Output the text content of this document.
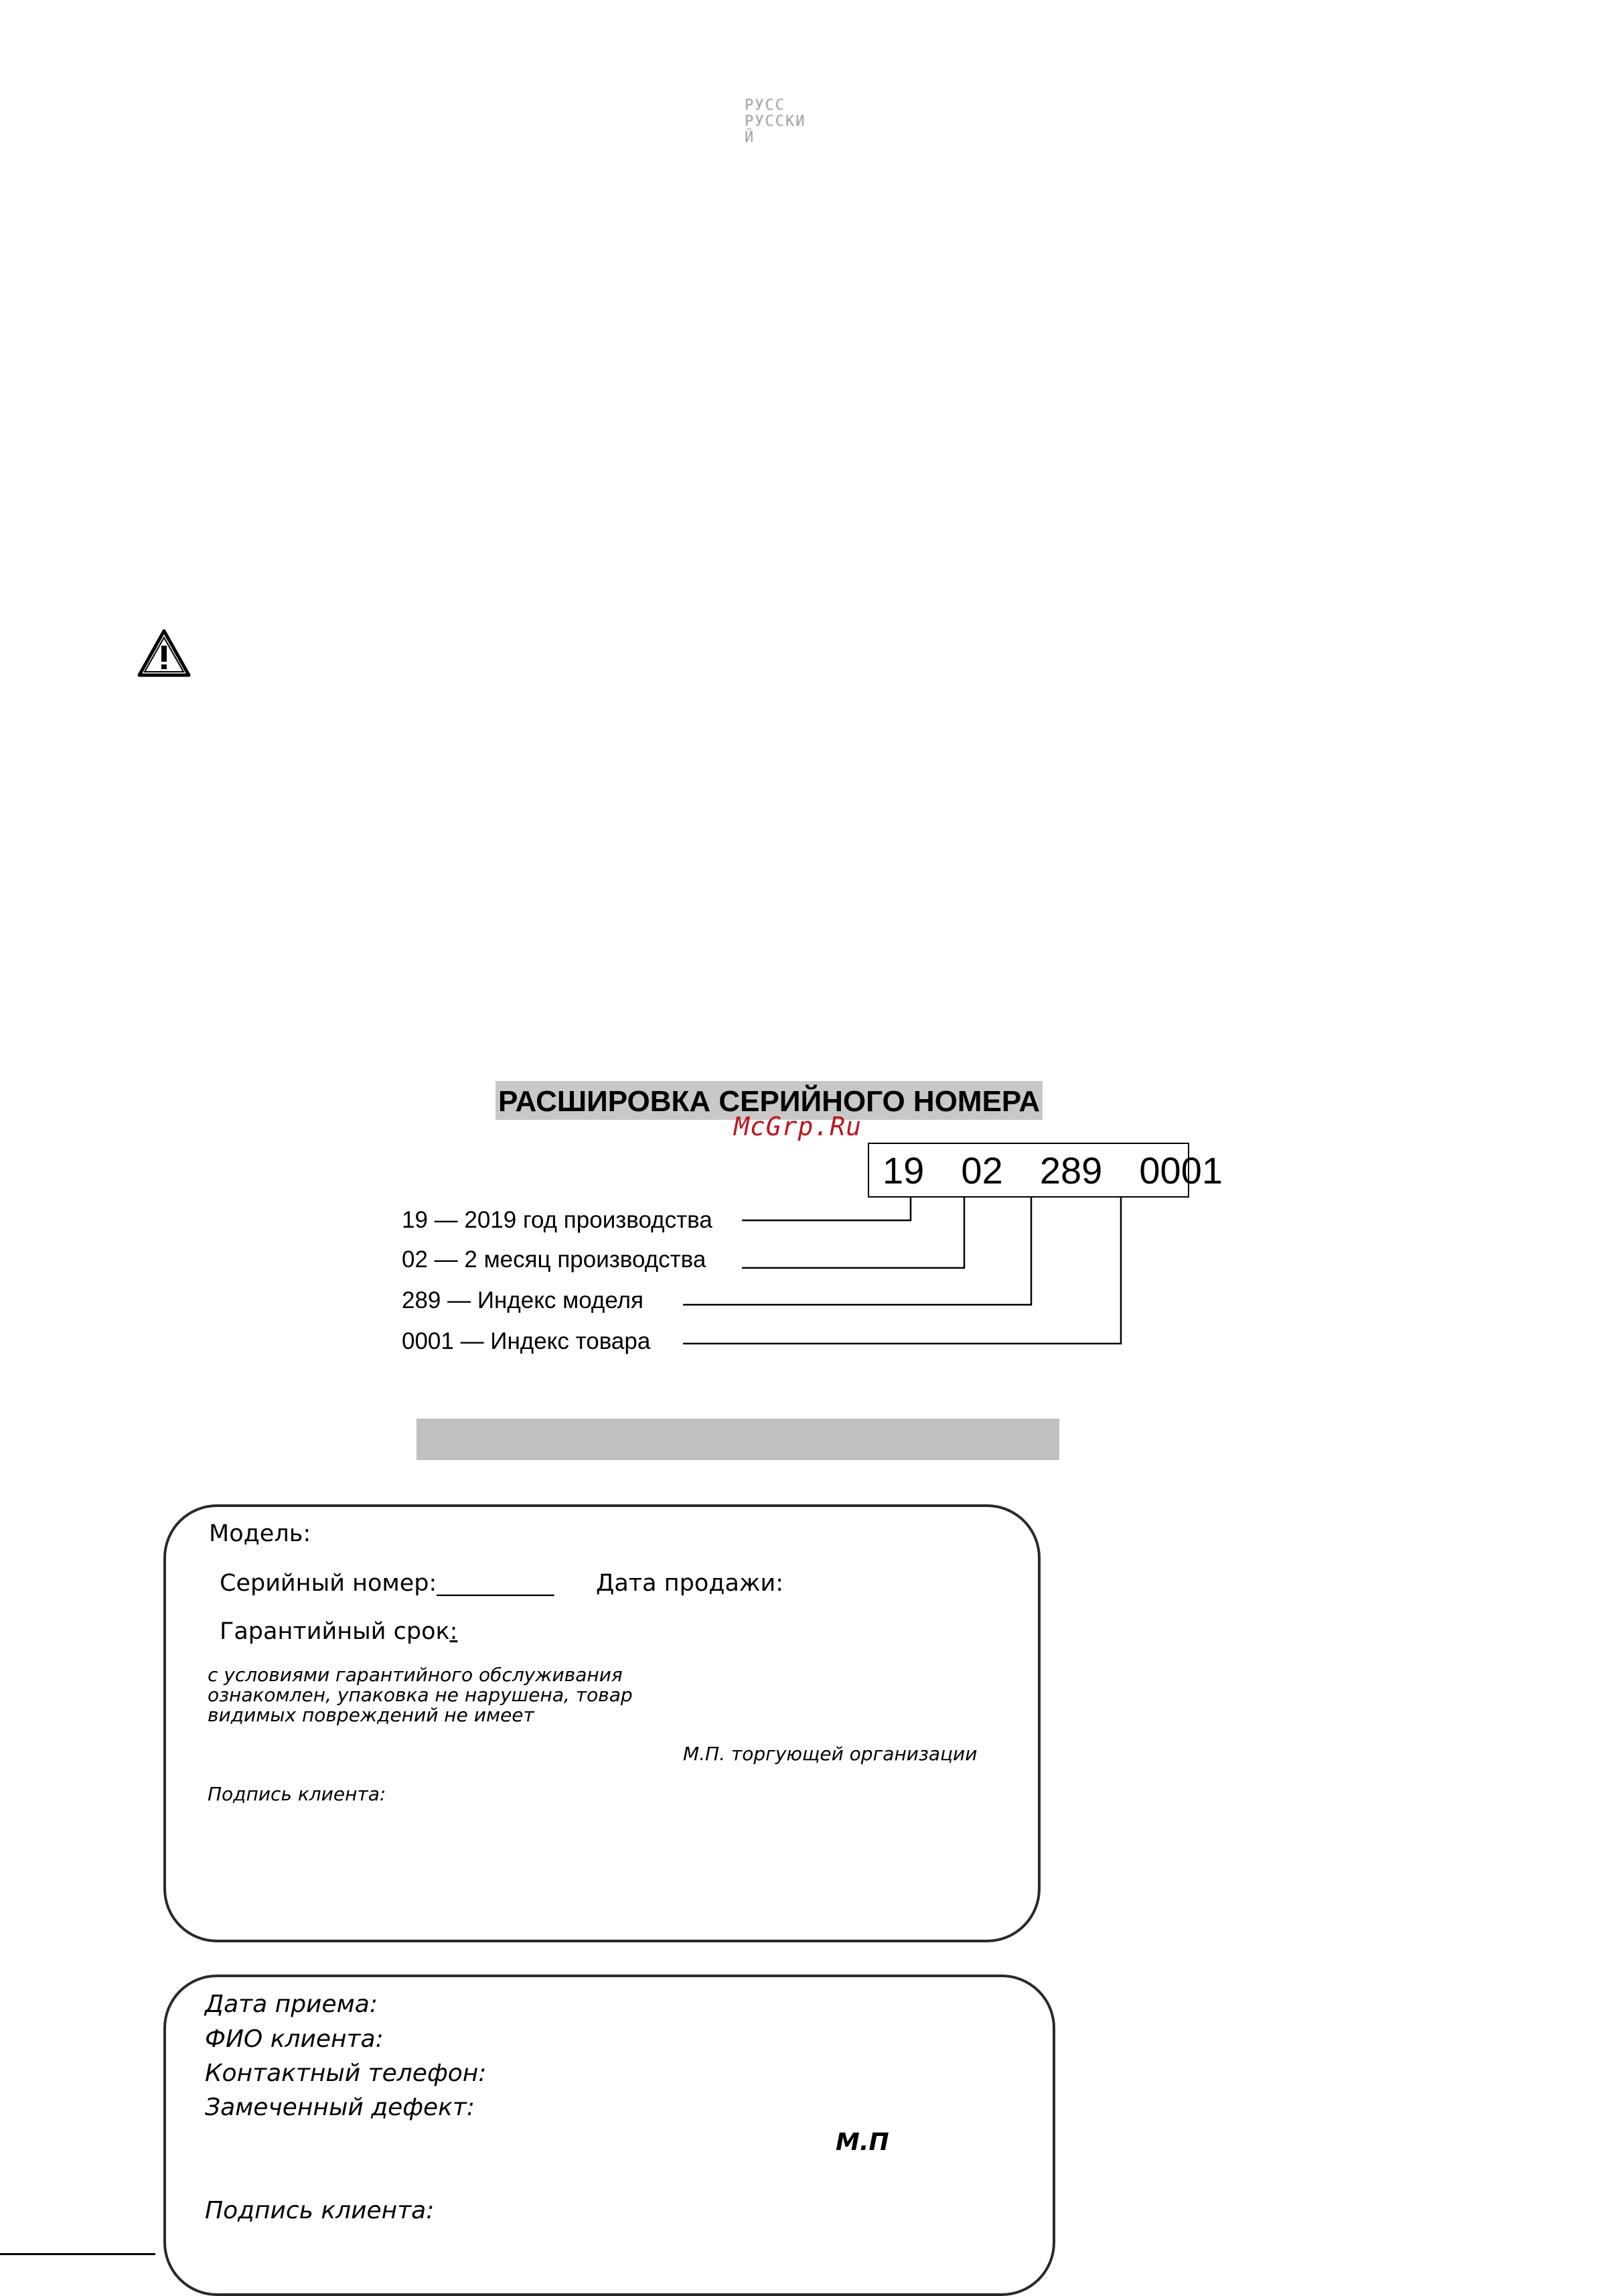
РУСС
РУССКИ
Й
РАСШИРОВКА СЕРИЙНОГО НОМЕРА
McGrp.Ru
19 02 289 0001
19 — 2019 год производства
02 — 2 месяц производства
289 — Индекс моделя
0001 — Индекс товара
Модель:
Серийный номер:__________ Дата продажи:
Гарантийный срок:
с условиями гарантийного обслуживания
ознакомлен, упаковка не нарушена, товар
видимых повреждений не имеет
М.П. торгующей организации
Подпись клиента:
Дата приема:
ФИО клиента:
Контактный телефон:
Замеченный дефект:
М.П
Подпись клиента:
